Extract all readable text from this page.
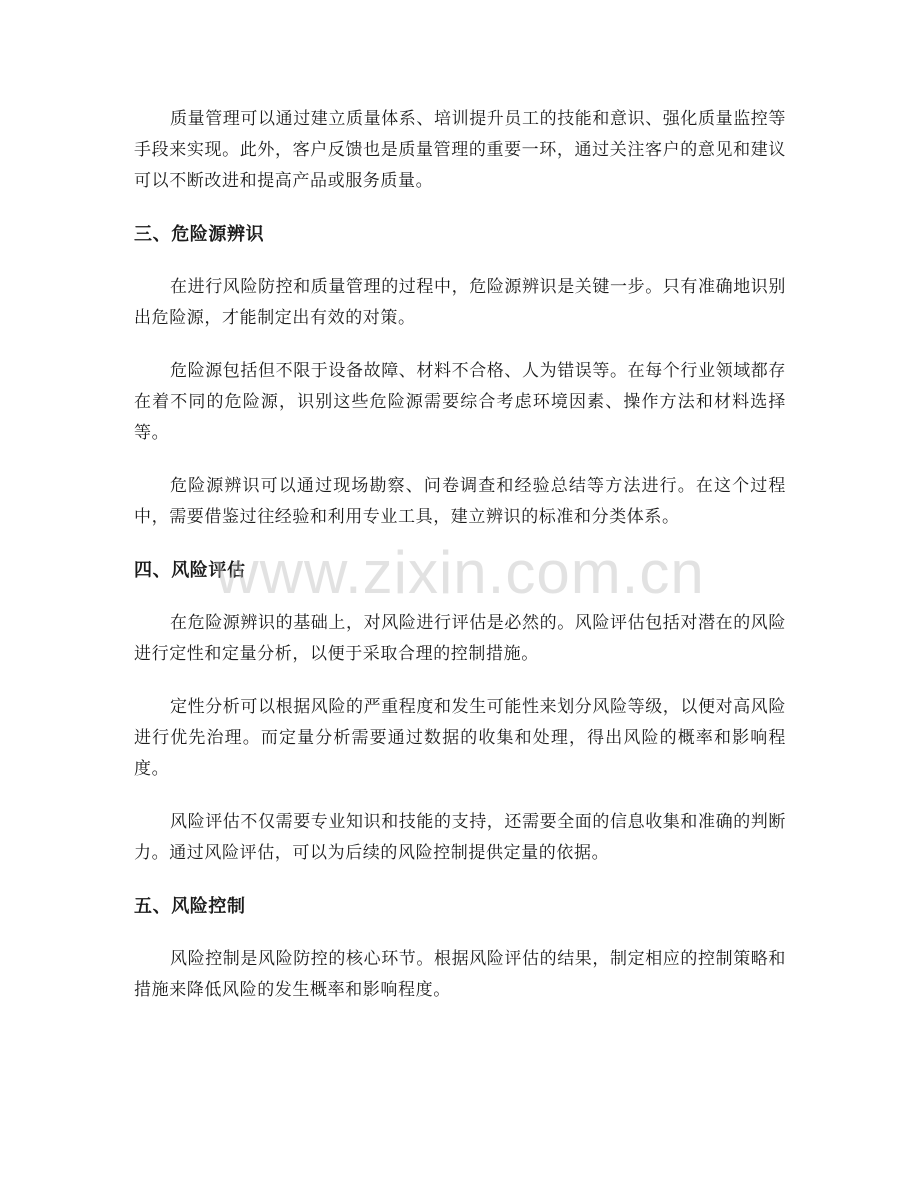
质量管理可以通过建立质量体系、培训提升员工的技能和意识、强化质量监控等手段来实现。此外，客户反馈也是质量管理的重要一环，通过关注客户的意见和建议可以不断改进和提高产品或服务质量。

三、危险源辨识

在进行风险防控和质量管理的过程中，危险源辨识是关键一步。只有准确地识别出危险源，才能制定出有效的对策。

危险源包括但不限于设备故障、材料不合格、人为错误等。在每个行业领域都存在着不同的危险源，识别这些危险源需要综合考虑环境因素、操作方法和材料选择等。

危险源辨识可以通过现场勘察、问卷调查和经验总结等方法进行。在这个过程中，需要借鉴过往经验和利用专业工具，建立辨识的标准和分类体系。

四、风险评估

在危险源辨识的基础上，对风险进行评估是必然的。风险评估包括对潜在的风险进行定性和定量分析，以便于采取合理的控制措施。

定性分析可以根据风险的严重程度和发生可能性来划分风险等级，以便对高风险进行优先治理。而定量分析需要通过数据的收集和处理，得出风险的概率和影响程度。

风险评估不仅需要专业知识和技能的支持，还需要全面的信息收集和准确的判断力。通过风险评估，可以为后续的风险控制提供定量的依据。

五、风险控制

风险控制是风险防控的核心环节。根据风险评估的结果，制定相应的控制策略和措施来降低风险的发生概率和影响程度。

www.zixin.com.cn
